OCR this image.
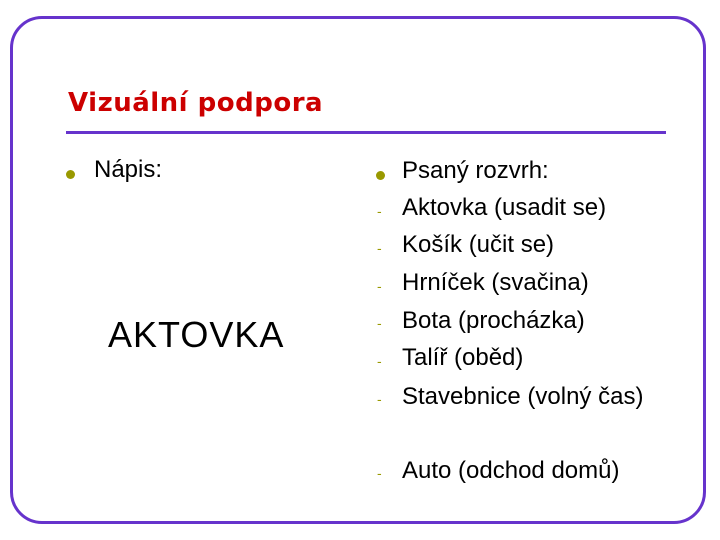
Vizuální podpora
Nápis:
AKTOVKA
Psaný rozvrh:
- Aktovka (usadit se)
- Košík (učit se)
- Hrníček (svačina)
- Bota (procházka)
- Talíř (oběd)
- Stavebnice (volný čas)
- Auto (odchod domů)
